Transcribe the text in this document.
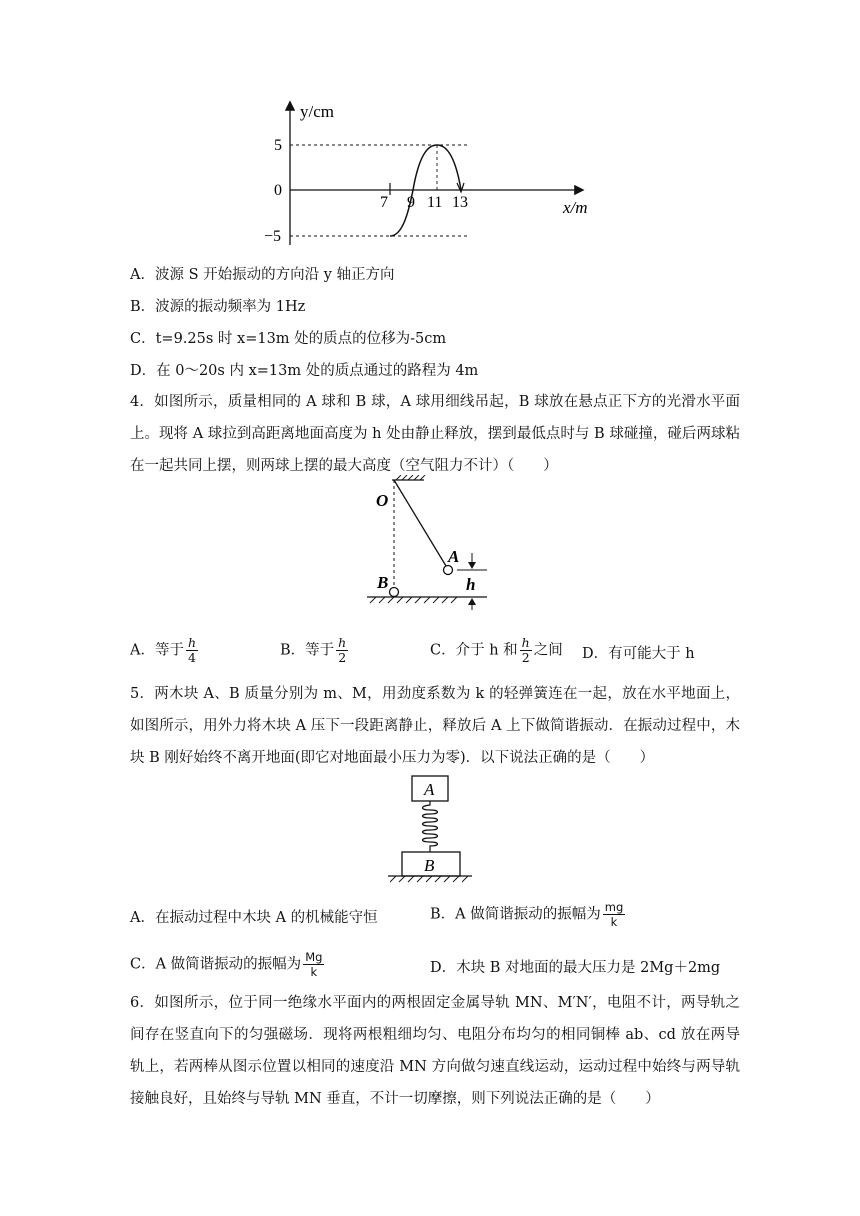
y/cm
x/m
5
0
−5
7 9 11 13
A．波源 S 开始振动的方向沿 y 轴正方向
B．波源的振动频率为 1Hz
C．t=9.25s 时 x=13m 处的质点的位移为-5cm
D．在 0～20s 内 x=13m 处的质点通过的路程为 4m
4．如图所示，质量相同的 A 球和 B 球，A 球用细线吊起，B 球放在悬点正下方的光滑水平面上。现将 A 球拉到高距离地面高度为 h 处由静止释放，摆到最低点时与 B 球碰撞，碰后两球粘在一起共同上摆，则两球上摆的最大高度（空气阻力不计）（　　）
O
A
B	h
A．等于 $\frac{h}{4}$	B．等于 $\frac{h}{2}$	C．介于 h 和 $\frac{h}{2}$ 之间 D．有可能大于 h
5．两木块 A、B 质量分别为 m、M，用劲度系数为 k 的轻弹簧连在一起，放在水平地面上，如图所示，用外力将木块 A 压下一段距离静止，释放后 A 上下做简谐振动．在振动过程中，木块 B 刚好始终不离开地面(即它对地面最小压力为零)．以下说法正确的是（　　）
A
B
A．在振动过程中木块 A 的机械能守恒	B．A 做简谐振动的振幅为 $\frac{mg}{k}$
C．A 做简谐振动的振幅为 $\frac{Mg}{k}$	D．木块 B 对地面的最大压力是 2Mg＋2mg
6．如图所示，位于同一绝缘水平面内的两根固定金属导轨 MN、M′N′，电阻不计，两导轨之间存在竖直向下的匀强磁场．现将两根粗细均匀、电阻分布均匀的相同铜棒 ab、cd 放在两导轨上，若两棒从图示位置以相同的速度沿 MN 方向做匀速直线运动，运动过程中始终与两导轨接触良好，且始终与导轨 MN 垂直，不计一切摩擦，则下列说法正确的是（　　）
